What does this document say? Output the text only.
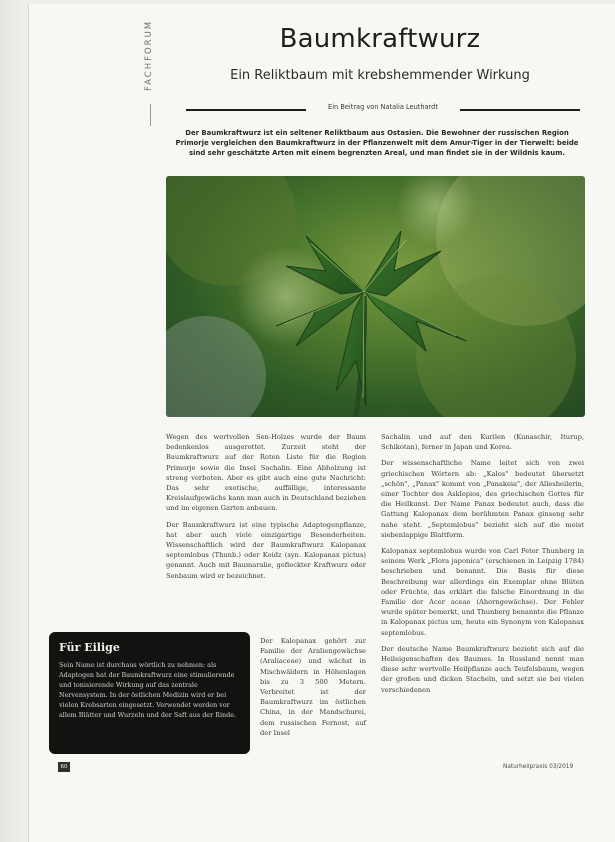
FACHFORUM	Baumkraftwurz
Ein Reliktbaum mit krebshemmender Wirkung
Ein Beitrag von Natalia Leuthardt
Der Baumkraftwurz ist ein seltener Reliktbaum aus Ostasien. Die Bewohner der russischen Region Primorje vergleichen den Baumkraftwurz in der Pflanzenwelt mit dem Amur-Tiger in der Tierwelt: beide sind sehr geschätzte Arten mit einem begrenzten Areal, und man findet sie in der Wildnis kaum.

Wegen des wertvollen Sen-Holzes wurde der Baum bedenkenlos ausgerottet. Zurzeit steht der Baumkraftwurz auf der Roten Liste für die Region Primorje sowie die Insel Sachalin. Eine Abholzung ist streng verboten. Aber es gibt auch eine gute Nachricht: Das sehr exotische, auffällige, interessante Kreislaufgewächs kann man auch in Deutschland beziehen und im eigenen Garten anbauen.

Der Baumkraftwurz ist eine typische Adaptogenpflanze, hat aber auch viele einzigartige Besonderheiten. Wissenschaftlich wird der Baumkraftwurz Kalopanax septemlobus (Thunb.) oder Koidz (syn. Kalopanax pictus) genannt. Auch mit Baumaralie, gefleckter Kraftwurz oder Senbaum wird er bezeichnet.

Der Kalopanax gehört zur Familie der Araliengewächse (Araliaceae) und wächst in Mischwäldern in Höhenlagen bis zu 3 500 Metern. Verbreitet ist der Baumkraftwurz im östlichen China, in der Mandschurei, dem russischen Fernost, auf der Insel

Sachalin und auf den Kurilen (Kunaschir, Iturup, Schikotan), ferner in Japan und Korea.

Der wissenschaftliche Name leitet sich von zwei griechischen Wörtern ab: „Kalos" bedeutet übersetzt „schön", „Panax" kommt von „Panakeia", der Allesheilerin, einer Tochter des Asklepios, des griechischen Gottes für die Heilkunst. Der Name Panax bedeutet auch, dass die Gattung Kalopanax dem berühmten Panax ginseng sehr nahe steht. „Septemlobus" bezieht sich auf die meist siebenlappige Blattform.

Kalopanax septemlobus wurde von Carl Peter Thunberg in seinem Werk „Flora japonica" (erschienen in Leipzig 1784) beschrieben und benannt. Die Basis für diese Beschreibung war allerdings ein Exemplar ohne Blüten oder Früchte, das erklärt die falsche Einordnung in die Familie der Acer aceae (Ahorngewächse). Der Fehler wurde später bemerkt, und Thunberg benannte die Pflanze in Kalopanax pictus um, heute ein Synonym von Kalopanax septemlobus.

Der deutsche Name Baumkraftwurz bezieht sich auf die Heileigenschaften des Baumes. In Russland nennt man diese sehr wertvolle Heilpflanze auch Teufelsbaum, wegen der großen und dicken Stacheln, und setzt sie bei vielen verschiedenen

Für Eilige
Sein Name ist durchaus wörtlich zu nehmen: als Adaptogen hat der Baumkraftwurz eine stimulierende und tonisierende Wirkung auf das zentrale Nervensystem. In der östlichen Medizin wird er bei vielen Krebsarten eingesetzt. Verwendet werden vor allem Blätter und Wurzeln und der Saft aus der Rinde.
60	Naturheilpraxis 03/2019
